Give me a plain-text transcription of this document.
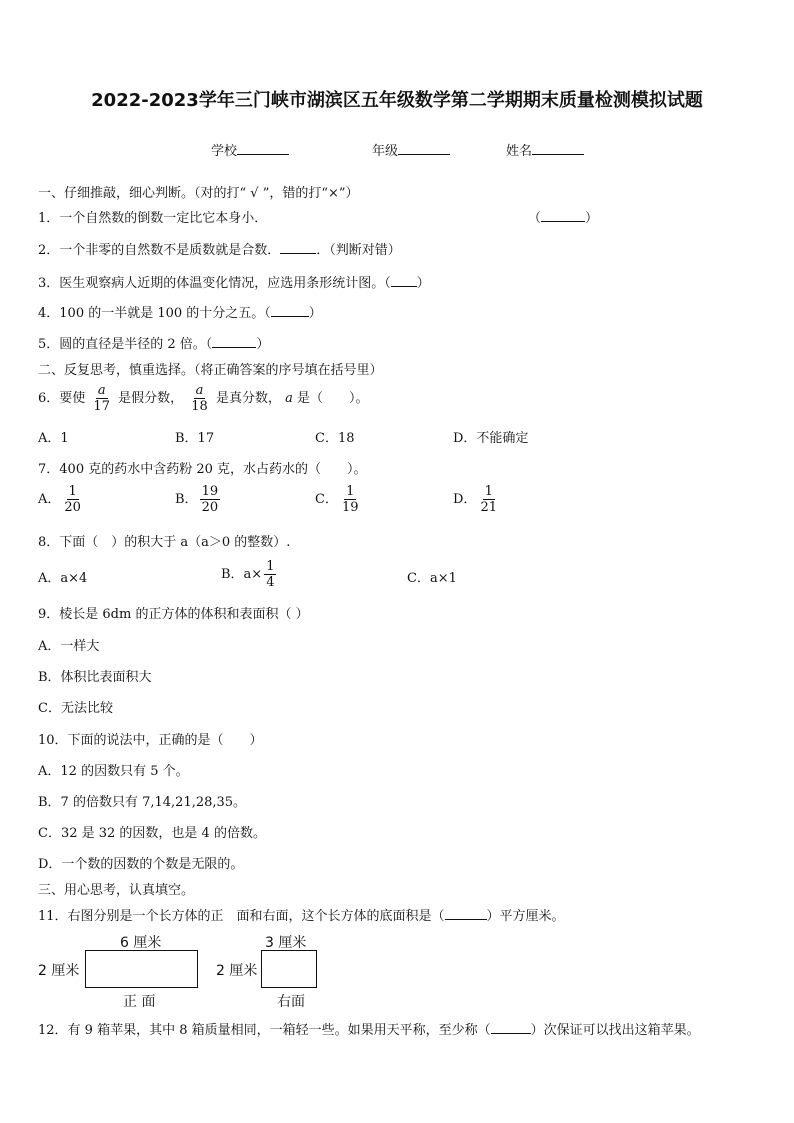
2022-2023学年三门峡市湖滨区五年级数学第二学期期末质量检测模拟试题
学校	年级	姓名
一、仔细推敲，细心判断。（对的打“ √ ”，错的打“×”）
1．一个自然数的倒数一定比它本身小．	（	）
2．一个非零的自然数不是质数就是合数．	．（判断对错）
3．医生观察病人近期的体温变化情况，应选用条形统计图。（ ）
4．100 的一半就是 100 的十分之五。（	）
5．圆的直径是半径的 2 倍。（	）
二、反复思考，慎重选择。（将正确答案的序号填在括号里）
6．要使 $\frac{a}{17}$ 是假分数， $\frac{a}{18}$ 是真分数， a 是（　　）。
A．1	B．17	C．18	D．不能确定
7．400 克的药水中含药粉 20 克，水占药水的（　　）。
A． $\frac{1}{20}$	B． $\frac{19}{20}$	C． $\frac{1}{19}$	D． $\frac{1}{21}$
8．下面（　）的积大于 a（a＞0 的整数）.
A．a×4	B．$a\times \frac{1}{4}$	C．a×1
9．棱长是 6dm 的正方体的体积和表面积（ ）
A．一样大
B．体积比表面积大
C．无法比较
10．下面的说法中，正确的是（　　）
A．12 的因数只有 5 个。
B．7 的倍数只有 7,14,21,28,35。
C．32 是 32 的因数，也是 4 的倍数。
D．一个数的因数的个数是无限的。
三、用心思考，认真填空。
11．右图分别是一个长方体的正　面和右面，这个长方体的底面积是（	）平方厘米。
6 厘米
2 厘米
正 面
3 厘米
2 厘米
右面
12．有 9 箱苹果，其中 8 箱质量相同，一箱轻一些。如果用天平称，至少称（	）次保证可以找出这箱苹果。
